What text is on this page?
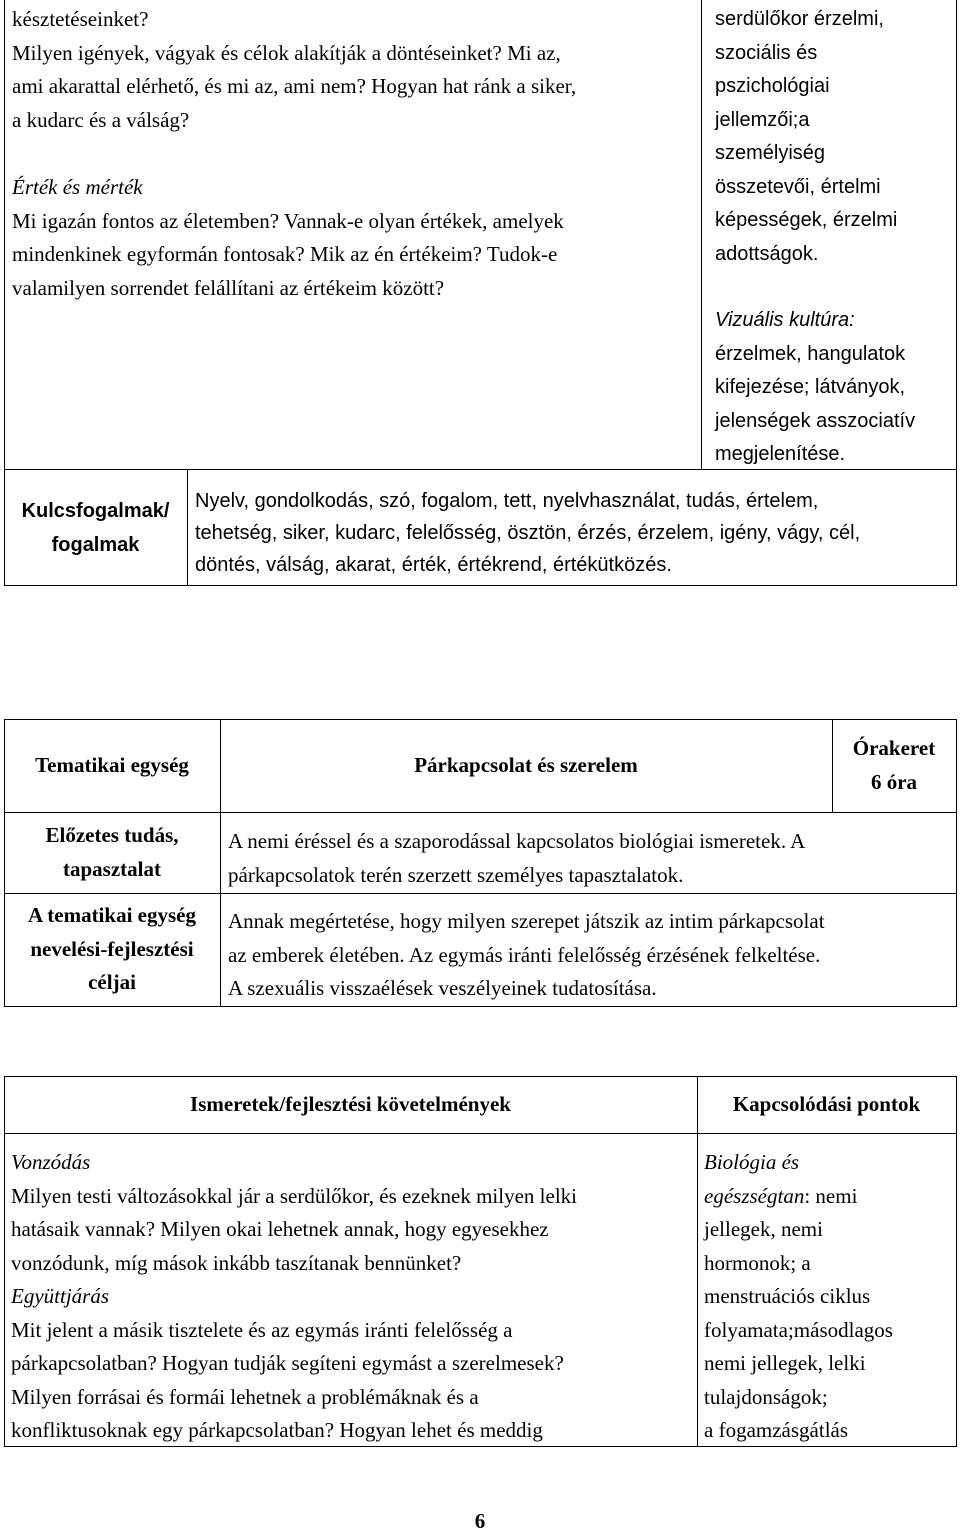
késztetéseinket?
Milyen igények, vágyak és célok alakítják a döntéseinket? Mi az,
ami akarattal elérhető, és mi az, ami nem? Hogyan hat ránk a siker,
a kudarc és a válság?
Érték és mérték
Mi igazán fontos az életemben? Vannak-e olyan értékek, amelyek
mindenkinek egyformán fontosak? Mik az én értékeim? Tudok-e
valamilyen sorrendet felállítani az értékeim között?
serdülőkor érzelmi,
szociális és
pszichológiai
jellemzői;a
személyiség
összetevői, értelmi
képességek, érzelmi
adottságok.
Vizuális kultúra:
érzelmek, hangulatok
kifejezése; látványok,
jelenségek asszociatív
megjelenítése.
Kulcsfogalmak/
fogalmak
Nyelv, gondolkodás, szó, fogalom, tett, nyelvhasználat, tudás, értelem,
tehetség, siker, kudarc, felelősség, ösztön, érzés, érzelem, igény, vágy, cél,
döntés, válság, akarat, érték, értékrend, értékütközés.
Tematikai egység	Párkapcsolat és szerelem
Órakeret
6 óra
Előzetes tudás,
tapasztalat
A nemi éréssel és a szaporodással kapcsolatos biológiai ismeretek. A
párkapcsolatok terén szerzett személyes tapasztalatok.
A tematikai egység
nevelési-fejlesztési
céljai
Annak megértetése, hogy milyen szerepet játszik az intim párkapcsolat
az emberek életében. Az egymás iránti felelősség érzésének felkeltése.
A szexuális visszaélések veszélyeinek tudatosítása.
Ismeretek/fejlesztési követelmények	Kapcsolódási pontok
Vonzódás
Milyen testi változásokkal jár a serdülőkor, és ezeknek milyen lelki
hatásaik vannak? Milyen okai lehetnek annak, hogy egyesekhez
vonzódunk, míg mások inkább taszítanak bennünket?
Együttjárás
Mit jelent a másik tisztelete és az egymás iránti felelősség a
párkapcsolatban? Hogyan tudják segíteni egymást a szerelmesek?
Milyen forrásai és formái lehetnek a problémáknak és a
konfliktusoknak egy párkapcsolatban? Hogyan lehet és meddig
Biológia és
egészségtan: nemi
jellegek, nemi
hormonok; a
menstruációs ciklus
folyamata;másodlagos
nemi jellegek, lelki
tulajdonságok;
a fogamzásgátlás
6
